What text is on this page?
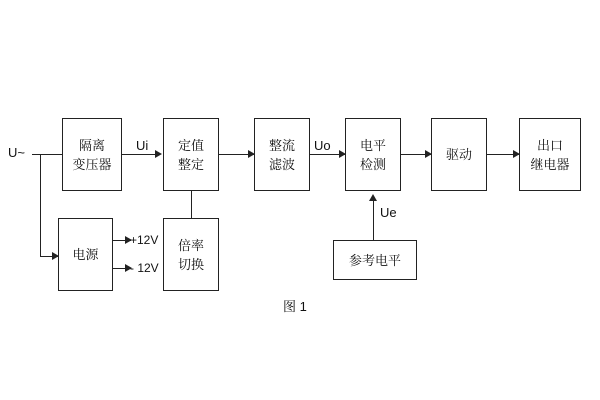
U~	隔离
变压器
Ui 定值
整定
整流
滤波
Uo 电平
检测
驱动
出口
继电器
电源
+12V
- 12V
倍率
切换	参考电平
Ue
图 1
